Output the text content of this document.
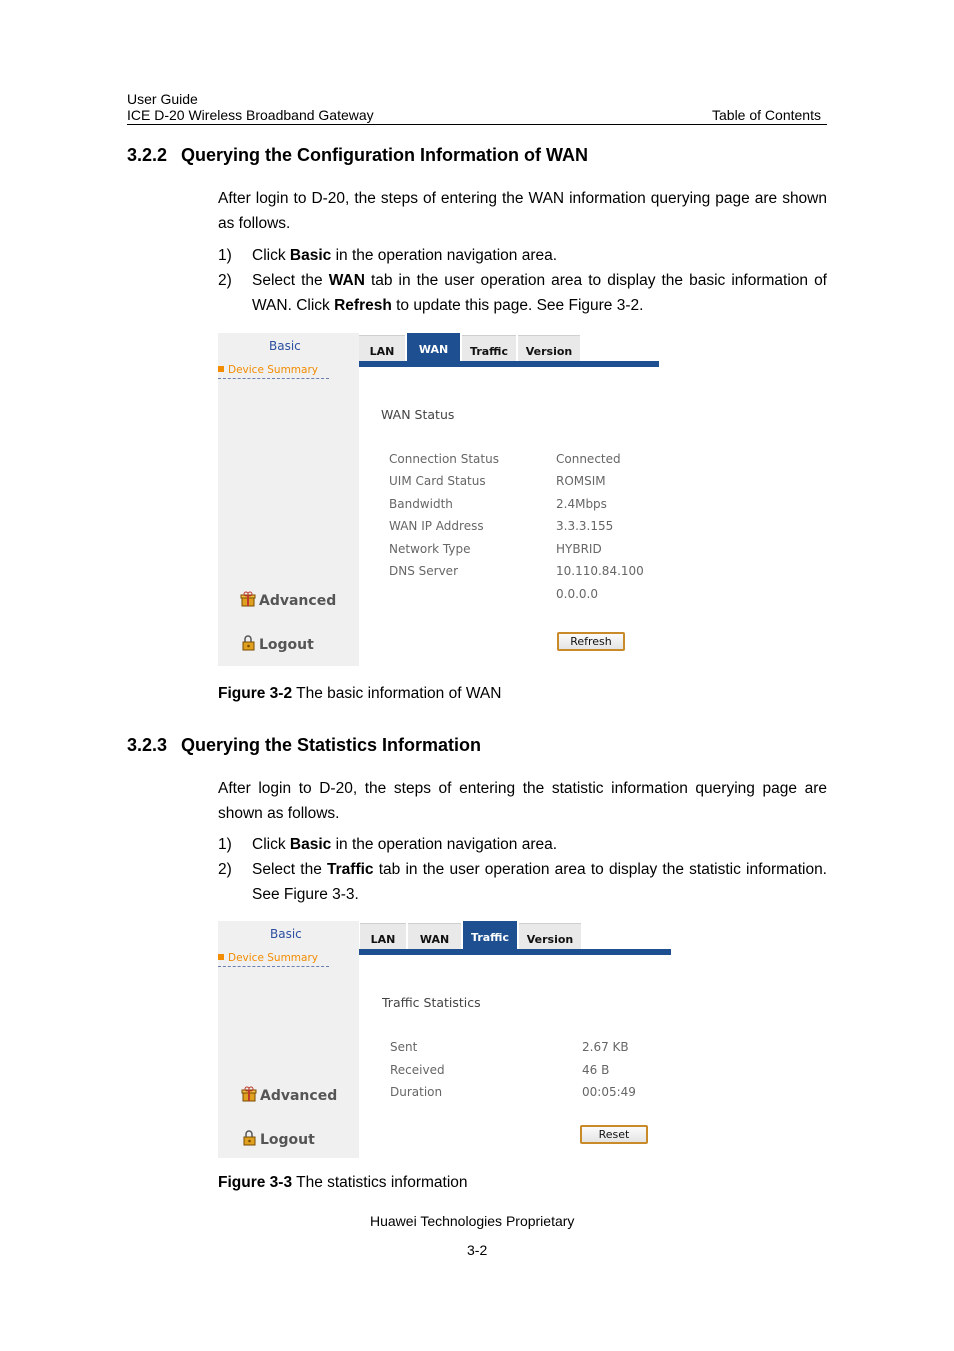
User Guide
ICE D-20 Wireless Broadband Gateway	Table of Contents
3.2.2 Querying the Configuration Information of WAN

After login to D-20, the steps of entering the WAN information querying page are shown as follows.

1) Click Basic in the operation navigation area.
2) Select the WAN tab in the user operation area to display the basic information of WAN. Click Refresh to update this page. See Figure 3-2.
Basic
Device Summary
Advanced
Logout
LAN	WAN	Traffic	Version
WAN Status
Connection Status	Connected
UIM Card Status	ROMSIM
Bandwidth	2.4Mbps
WAN IP Address	3.3.3.155
Network Type	HYBRID
DNS Server	10.110.84.100
0.0.0.0
Refresh
Figure 3-2 The basic information of WAN
3.2.3 Querying the Statistics Information

After login to D-20, the steps of entering the statistic information querying page are shown as follows.

1) Click Basic in the operation navigation area.
2) Select the Traffic tab in the user operation area to display the statistic information. See Figure 3-3.
Basic
Device Summary
Advanced
Logout
LAN	WAN	Traffic	Version
Traffic Statistics
Sent	2.67 KB
Received	46 B
Duration	00:05:49
Reset
Figure 3-3 The statistics information
Huawei Technologies Proprietary
3-2
